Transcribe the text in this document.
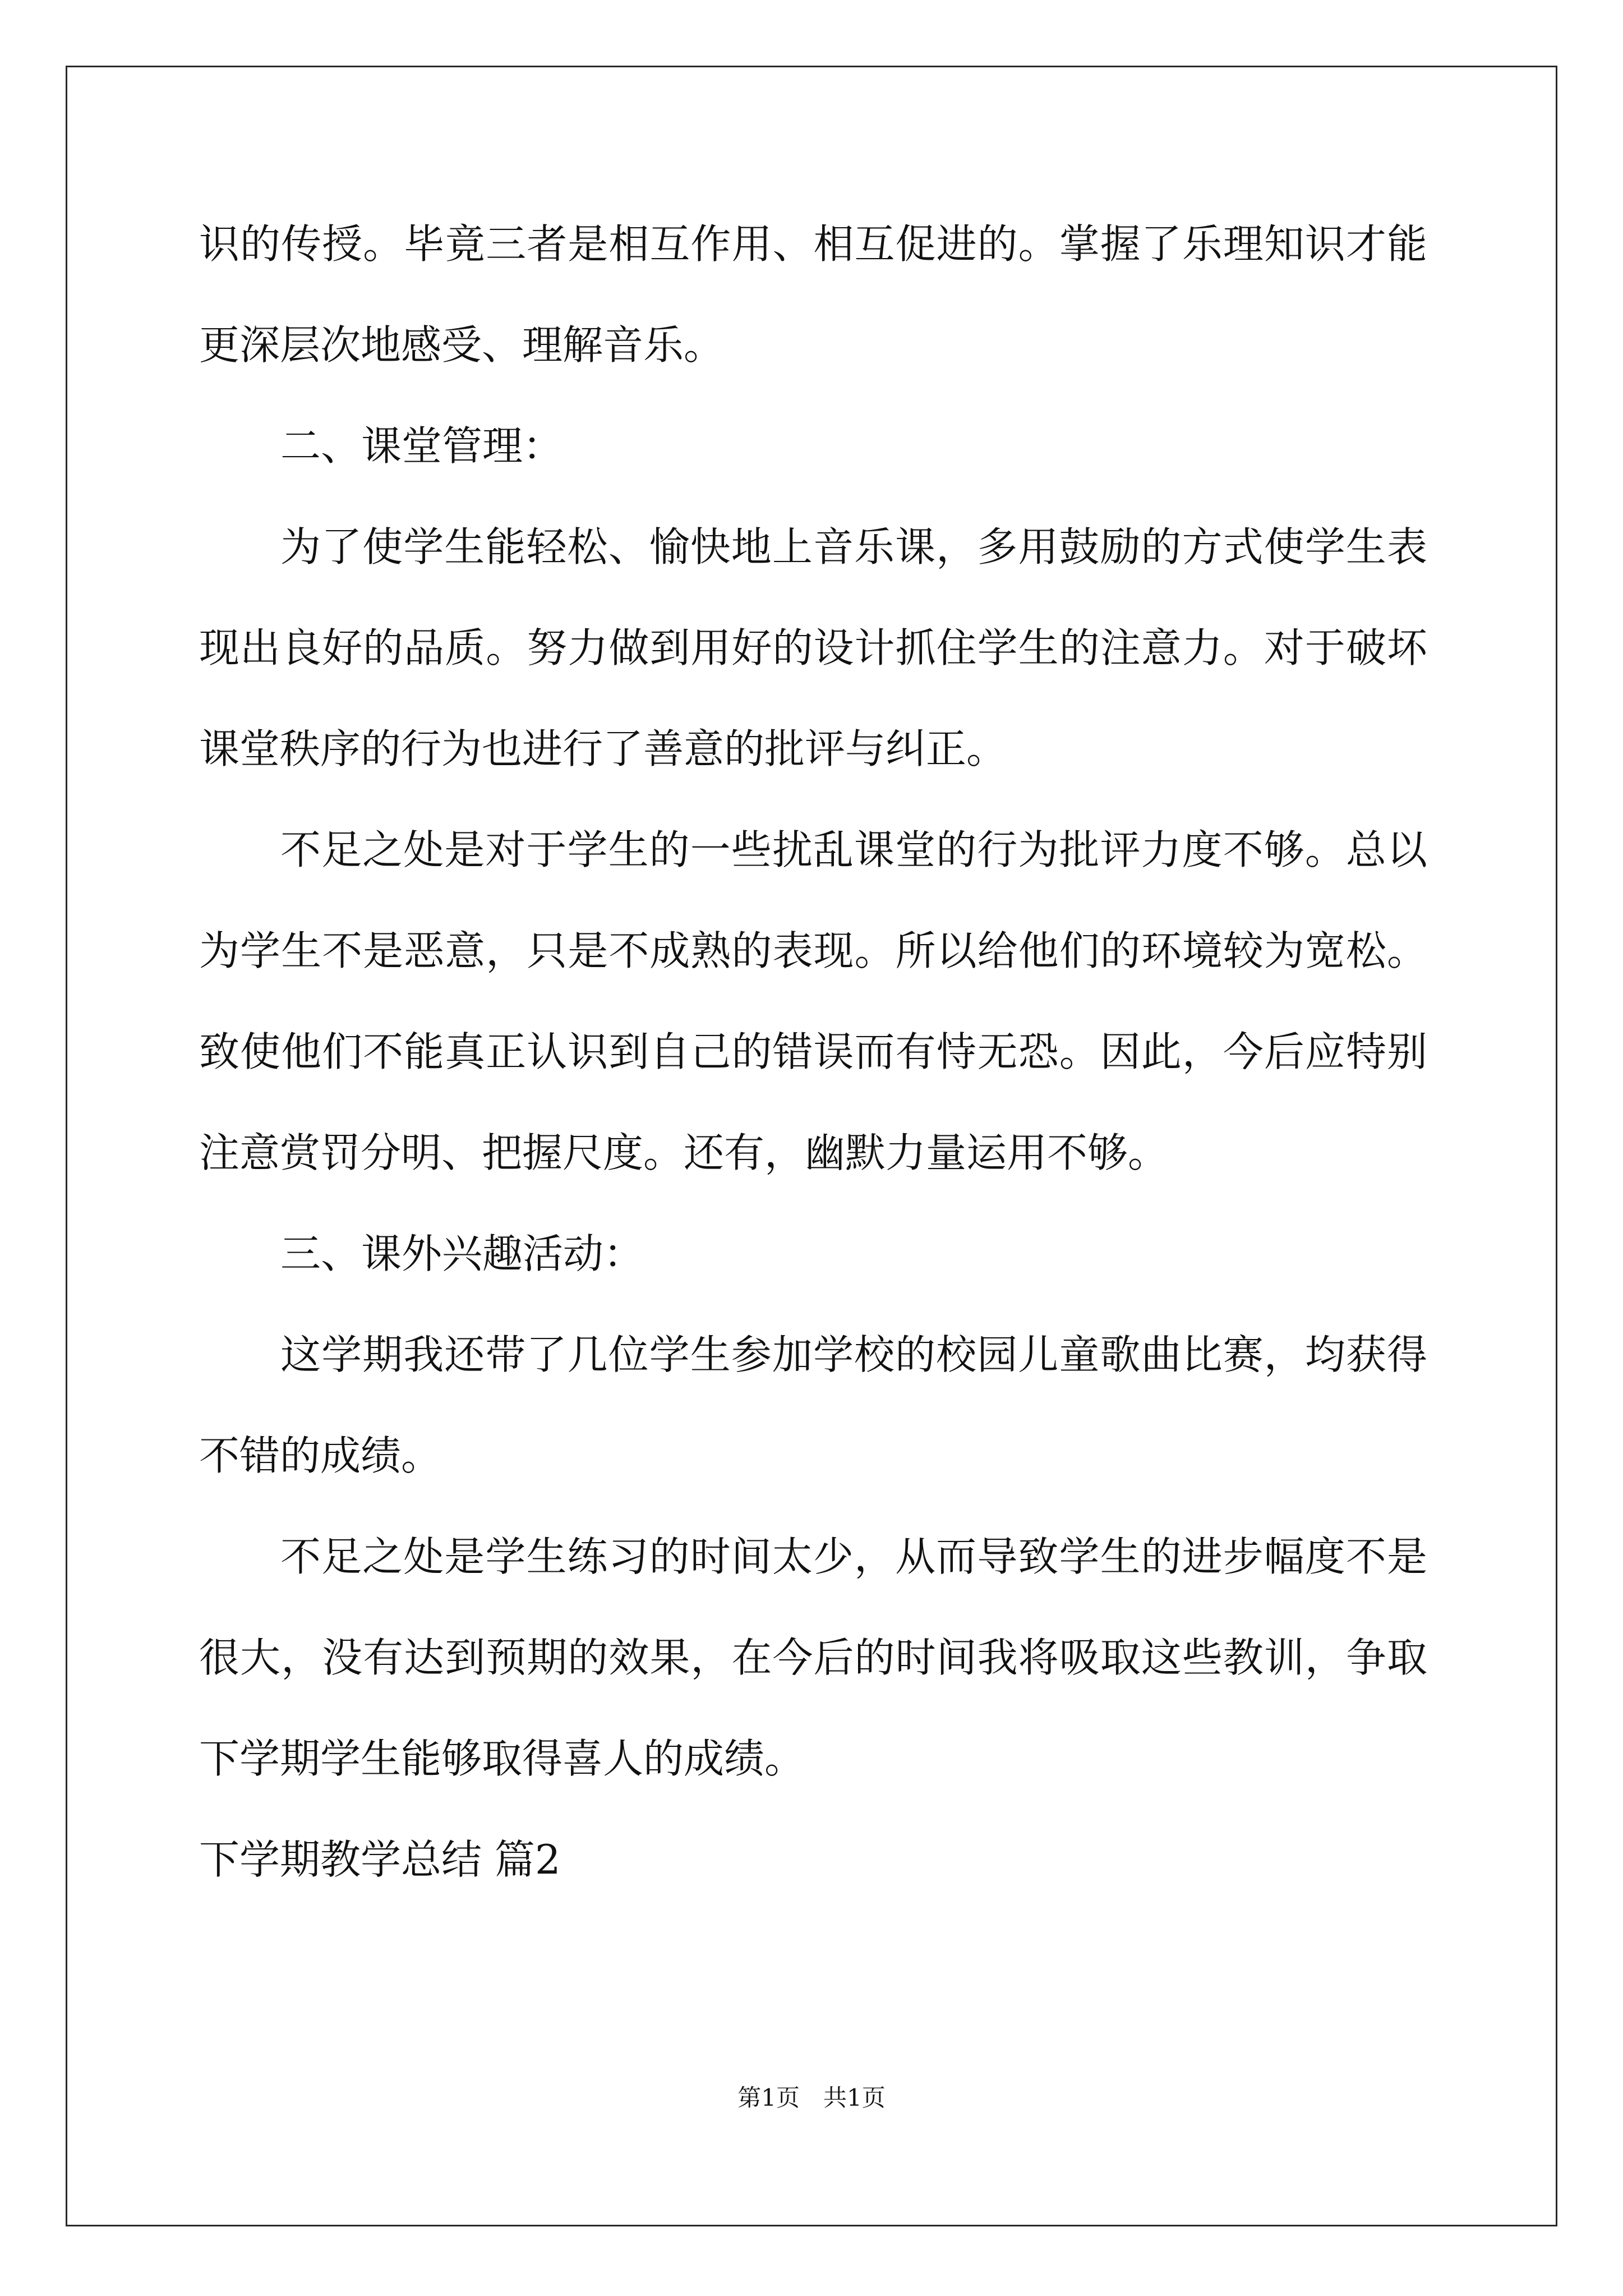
识的传授。毕竟三者是相互作用、相互促进的。掌握了乐理知识才能
更深层次地感受、理解音乐。
二、课堂管理：
为了使学生能轻松、愉快地上音乐课，多用鼓励的方式使学生表
现出良好的品质。努力做到用好的设计抓住学生的注意力。对于破坏
课堂秩序的行为也进行了善意的批评与纠正。
不足之处是对于学生的一些扰乱课堂的行为批评力度不够。总以
为学生不是恶意，只是不成熟的表现。所以给他们的环境较为宽松。
致使他们不能真正认识到自己的错误而有恃无恐。因此，今后应特别
注意赏罚分明、把握尺度。还有，幽默力量运用不够。
三、课外兴趣活动：
这学期我还带了几位学生参加学校的校园儿童歌曲比赛，均获得
不错的成绩。
不足之处是学生练习的时间太少，从而导致学生的进步幅度不是
很大，没有达到预期的效果，在今后的时间我将吸取这些教训，争取
下学期学生能够取得喜人的成绩。
下学期教学总结 篇2
第1页　共1页
